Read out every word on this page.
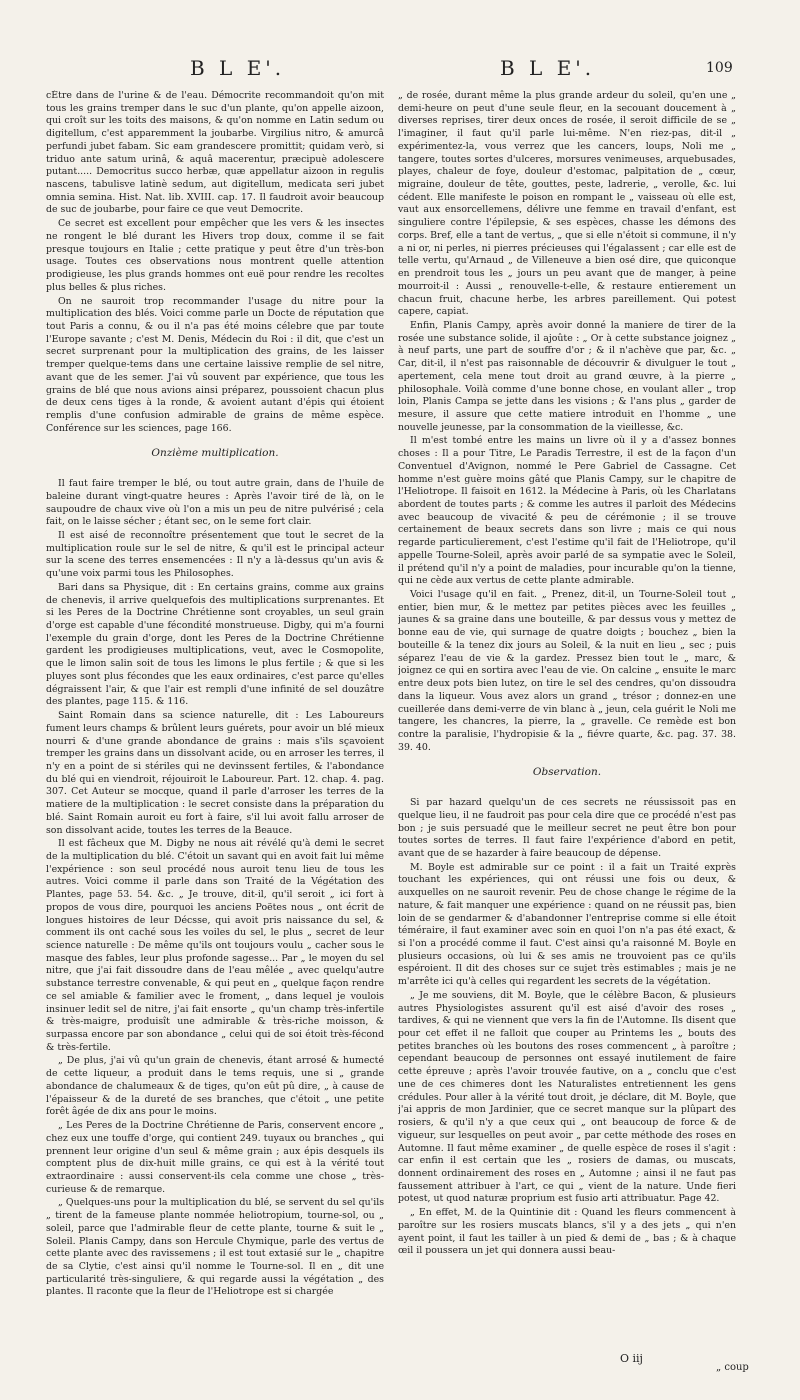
B L E'.	B L E'.	109

cÉtre dans de l'urine & de l'eau. Démocrite recommandoit qu'on mit tous les grains tremper dans le suc d'un plante, qu'on appelle aizoon, qui croît sur les toits des maisons, & qu'on nomme en Latin sedum ou digitellum, c'est apparemment la joubarbe. Virgilius nitro, & amurcâ perfundi jubet fabam. Sic eam grandescere promittit; quidam verò, si triduo ante satum urinâ, & aquâ macerentur, præcipuè adolescere putant..... Democritus succo herbæ, quæ appellatur aizoon in regulis nascens, tabulisve latinè sedum, aut digitellum, medicata seri jubet omnia semina. Hist. Nat. lib. XVIII. cap. 17. Il faudroit avoir beaucoup de suc de joubarbe, pour faire ce que veut Democrite.

Ce secret est excellent pour empêcher que les vers & les insectes ne rongent le blé durant les Hivers trop doux, comme il se fait presque toujours en Italie ; cette pratique y peut être d'un très-bon usage. Toutes ces observations nous montrent quelle attention prodigieuse, les plus grands hommes ont euë pour rendre les recoltes plus belles & plus riches.

On ne sauroit trop recommander l'usage du nitre pour la multiplication des blés. Voici comme parle un Docte de réputation que tout Paris a connu, & ou il n'a pas été moins célebre que par toute l'Europe savante ; c'est M. Denis, Médecin du Roi : il dit, que c'est un secret surprenant pour la multiplication des grains, de les laisser tremper quelque-tems dans une certaine laissive remplie de sel nitre, avant que de les semer. J'ai vû souvent par expérience, que tous les grains de blé que nous avions ainsi préparez, poussoient chacun plus de deux cens tiges à la ronde, & avoient autant d'épis qui étoient remplis d'une confusion admirable de grains de même espèce. Conférence sur les sciences, page 166.

Onzième multiplication.

Il faut faire tremper le blé, ou tout autre grain, dans de l'huile de baleine durant vingt-quatre heures : Après l'avoir tiré de là, on le saupoudre de chaux vive où l'on a mis un peu de nitre pulvérisé ; cela fait, on le laisse sécher ; étant sec, on le seme fort clair.

Il est aisé de reconnoître présentement que tout le secret de la multiplication roule sur le sel de nitre, & qu'il est le principal acteur sur la scene des terres ensemencées : Il n'y a là-dessus qu'un avis & qu'une voix parmi tous les Philosophes.

Bari dans sa Physique, dit : En certains grains, comme aux grains de chenevis, il arrive quelquefois des multiplications surprenantes. Et si les Peres de la Doctrine Chrétienne sont croyables, un seul grain d'orge est capable d'une fécondité monstrueuse. Digby, qui m'a fourni l'exemple du grain d'orge, dont les Peres de la Doctrine Chrétienne gardent les prodigieuses multiplications, veut, avec le Cosmopolite, que le limon salin soit de tous les limons le plus fertile ; & que si les pluyes sont plus fécondes que les eaux ordinaires, c'est parce qu'elles dégraissent l'air, & que l'air est rempli d'une infinité de sel douzâtre des plantes, page 115. & 116.

Saint Romain dans sa science naturelle, dit : Les Laboureurs fument leurs champs & brûlent leurs guérets, pour avoir un blé mieux nourri & d'une grande abondance de grains : mais s'ils sçavoient tremper les grains dans un dissolvant acide, ou en arroser les terres, il n'y en a point de si stériles qui ne devinssent fertiles, & l'abondance du blé qui en viendroit, réjouiroit le Laboureur. Part. 12. chap. 4. pag. 307. Cet Auteur se mocque, quand il parle d'arroser les terres de la matiere de la multiplication : le secret consiste dans la préparation du blé. Saint Romain auroit eu fort à faire, s'il lui avoit fallu arroser de son dissolvant acide, toutes les terres de la Beauce.

Il est fâcheux que M. Digby ne nous ait révélé qu'à demi le secret de la multiplication du blé. C'étoit un savant qui en avoit fait lui même l'expérience : son seul procédé nous auroit tenu lieu de tous les autres. Voici comme il parle dans son Traité de la Végétation des Plantes, page 53. 54. &c. „ Je trouve, dit-il, qu'il seroit „ ici fort à propos de vous dire, pourquoi les anciens Poëtes nous „ ont écrit de longues histoires de leur Décsse, qui avoit pris naissance du sel, & comment ils ont caché sous les voiles du sel, le plus „ secret de leur science naturelle : De même qu'ils ont toujours voulu „ cacher sous le masque des fables, leur plus profonde sagesse... Par „ le moyen du sel nitre, que j'ai fait dissoudre dans de l'eau mêlée „ avec quelqu'autre substance terrestre convenable, & qui peut en „ quelque façon rendre ce sel amiable & familier avec le froment, „ dans lequel je voulois insinuer ledit sel de nitre, j'ai fait ensorte „ qu'un champ très-infertile & très-maigre, produisît une admirable & très-riche moisson, & surpassa encore par son abondance „ celui qui de soi étoit très-fécond & très-fertile.

„ De plus, j'ai vû qu'un grain de chenevis, étant arrosé & humecté de cette liqueur, a produit dans le tems requis, une si „ grande abondance de chalumeaux & de tiges, qu'on eût pû dire, „ à cause de l'épaisseur & de la dureté de ses branches, que c'étoit „ une petite forêt âgée de dix ans pour le moins.

„ Les Peres de la Doctrine Chrétienne de Paris, conservent encore „ chez eux une touffe d'orge, qui contient 249. tuyaux ou branches „ qui prennent leur origine d'un seul & même grain ; aux épis desquels ils comptent plus de dix-huit mille grains, ce qui est à la vérité tout extraordinaire : aussi conservent-ils cela comme une chose „ très-curieuse & de remarque.

„ Quelques-uns pour la multiplication du blé, se servent du sel qu'ils „ tirent de la fameuse plante nommée heliotropium, tourne-sol, ou „ soleil, parce que l'admirable fleur de cette plante, tourne & suit le „ Soleil. Planis Campy, dans son Hercule Chymique, parle des vertus de cette plante avec des ravissemens ; il est tout extasié sur le „ chapitre de sa Clytie, c'est ainsi qu'il nomme le Tourne-sol. Il en „ dit une particularité très-singuliere, & qui regarde aussi la végétation „ des plantes. Il raconte que la fleur de l'Heliotrope est si chargée

„ de rosée, durant même la plus grande ardeur du soleil, qu'en une „ demi-heure on peut d'une seule fleur, en la secouant doucement à „ diverses reprises, tirer deux onces de rosée, il seroit difficile de se „ l'imaginer, il faut qu'il parle lui-même. N'en riez-pas, dit-il „ expérimentez-la, vous verrez que les cancers, loups, Noli me „ tangere, toutes sortes d'ulceres, morsures venimeuses, arquebusades, playes, chaleur de foye, douleur d'estomac, palpitation de „ cœur, migraine, douleur de tête, gouttes, peste, ladrerie, „ verolle, &c. lui cédent. Elle manifeste le poison en rompant le „ vaisseau où elle est, vaut aux ensorcellemens, délivre une femme en travail d'enfant, est singuliere contre l'épilepsie, & ses espèces, chasse les démons des corps. Bref, elle a tant de vertus, „ que si elle n'étoit si commune, il n'y a ni or, ni perles, ni pierres précieuses qui l'égalassent ; car elle est de telle vertu, qu'Arnaud „ de Villeneuve a bien osé dire, que quiconque en prendroit tous les „ jours un peu avant que de manger, à peine mourroit-il : Aussi „ renouvelle-t-elle, & restaure entierement un chacun fruit, chacune herbe, les arbres pareillement. Qui potest capere, capiat.

Enfin, Planis Campy, après avoir donné la maniere de tirer de la rosée une substance solide, il ajoûte : „ Or à cette substance joignez „ à neuf parts, une part de souffre d'or ; & il n'achève que par, &c. „ Car, dit-il, il n'est pas raisonnable de découvrir & divulguer le tout „ apertement, cela mene tout droit au grand œuvre, à la pierre „ philosophale. Voilà comme d'une bonne chose, en voulant aller „ trop loin, Planis Campa se jette dans les visions ; & l'ans plus „ garder de mesure, il assure que cette matiere introduit en l'homme „ une nouvelle jeunesse, par la consommation de la vieillesse, &c.

Il m'est tombé entre les mains un livre où il y a d'assez bonnes choses : Il a pour Titre, Le Paradis Terrestre, il est de la façon d'un Conventuel d'Avignon, nommé le Pere Gabriel de Cassagne. Cet homme n'est guère moins gâté que Planis Campy, sur le chapitre de l'Heliotrope. Il faisoit en 1612. la Médecine à Paris, où les Charlatans abordent de toutes parts ; & comme les autres il parloit des Médecins avec beaucoup de vivacité & peu de cérémonie ; il se trouve certainement de beaux secrets dans son livre ; mais ce qui nous regarde particulierement, c'est l'estime qu'il fait de l'Heliotrope, qu'il appelle Tourne-Soleil, après avoir parlé de sa sympatie avec le Soleil, il prétend qu'il n'y a point de maladies, pour incurable qu'on la tienne, qui ne cède aux vertus de cette plante admirable.

Voici l'usage qu'il en fait. „ Prenez, dit-il, un Tourne-Soleil tout „ entier, bien mur, & le mettez par petites pièces avec les feuilles „ jaunes & sa graine dans une bouteille, & par dessus vous y mettez de bonne eau de vie, qui surnage de quatre doigts ; bouchez „ bien la bouteille & la tenez dix jours au Soleil, & la nuit en lieu „ sec ; puis séparez l'eau de vie & la gardez. Pressez bien tout le „ marc, & joignez ce qui en sortira avec l'eau de vie. On calcine „ ensuite le marc entre deux pots bien lutez, on tire le sel des cendres, qu'on dissoudra dans la liqueur. Vous avez alors un grand „ trésor ; donnez-en une cueillerée dans demi-verre de vin blanc à „ jeun, cela guérit le Noli me tangere, les chancres, la pierre, la „ gravelle. Ce remède est bon contre la paralisie, l'hydropisie & la „ fiévre quarte, &c. pag. 37. 38. 39. 40.

Observation.

Si par hazard quelqu'un de ces secrets ne réussissoit pas en quelque lieu, il ne faudroit pas pour cela dire que ce procédé n'est pas bon ; je suis persuadé que le meilleur secret ne peut être bon pour toutes sortes de terres. Il faut faire l'expérience d'abord en petit, avant que de se hazarder à faire beaucoup de dépense.

M. Boyle est admirable sur ce point : il a fait un Traité exprès touchant les expériences, qui ont réussi une fois ou deux, & auxquelles on ne sauroit revenir. Peu de chose change le régime de la nature, & fait manquer une expérience : quand on ne réussit pas, bien loin de se gendarmer & d'abandonner l'entreprise comme si elle étoit téméraire, il faut examiner avec soin en quoi l'on n'a pas été exact, & si l'on a procédé comme il faut. C'est ainsi qu'a raisonné M. Boyle en plusieurs occasions, où lui & ses amis ne trouvoient pas ce qu'ils espéroient. Il dit des choses sur ce sujet très estimables ; mais je ne m'arrête ici qu'à celles qui regardent les secrets de la végétation.

„ Je me souviens, dit M. Boyle, que le célèbre Bacon, & plusieurs autres Physiologistes assurent qu'il est aisé d'avoir des roses „ tardives, & qui ne viennent que vers la fin de l'Automne. Ils disent que pour cet effet il ne falloit que couper au Printems les „ bouts des petites branches où les boutons des roses commencent „ à paroître ; cependant beaucoup de personnes ont essayé inutilement de faire cette épreuve ; après l'avoir trouvée fautive, on a „ conclu que c'est une de ces chimeres dont les Naturalistes entretiennent les gens crédules. Pour aller à la vérité tout droit, je déclare, dit M. Boyle, que j'ai appris de mon Jardinier, que ce secret manque sur la plûpart des rosiers, & qu'il n'y a que ceux qui „ ont beaucoup de force & de vigueur, sur lesquelles on peut avoir „ par cette méthode des roses en Automne. Il faut même examiner „ de quelle espèce de roses il s'agit : car enfin il est certain que les „ rosiers de damas, ou muscats, donnent ordinairement des roses en „ Automne ; ainsi il ne faut pas faussement attribuer à l'art, ce qui „ vient de la nature. Unde fieri potest, ut quod naturæ proprium est fusio arti attribuatur. Page 42.

„ En effet, M. de la Quintinie dit : Quand les fleurs commencent à paroître sur les rosiers muscats blancs, s'il y a des jets „ qui n'en ayent point, il faut les tailler à un pied & demi de „ bas ; & à chaque œil il poussera un jet qui donnera aussi beau-

O iij
„ coup
